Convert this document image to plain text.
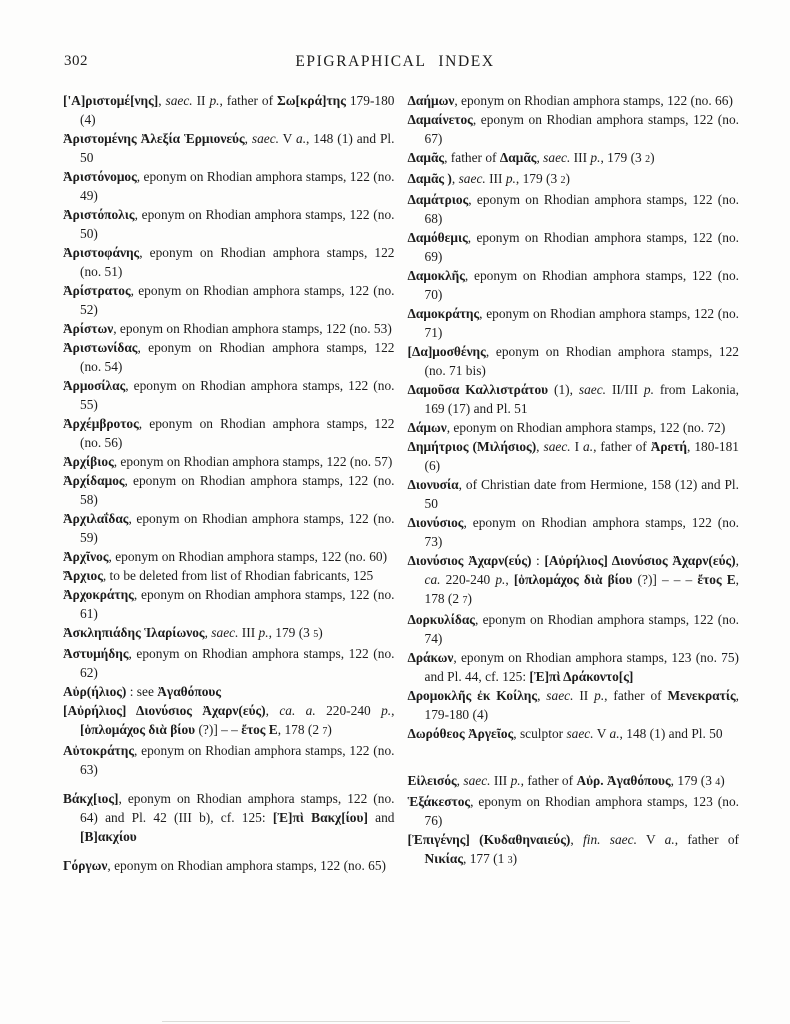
302	EPIGRAPHICAL INDEX
['Α]ριστομέ[νης], saec. II p., father of Σω[κρά]της 179-180 (4)
Ἀριστομένης Ἀλεξία Ἑρμιονεύς, saec. V a., 148 (1) and Pl. 50
Ἀριστόνομος, eponym on Rhodian amphora stamps, 122 (no. 49)
Ἀριστόπολις, eponym on Rhodian amphora stamps, 122 (no. 50)
Ἀριστοφάνης, eponym on Rhodian amphora stamps, 122 (no. 51)
Ἀρίστρατος, eponym on Rhodian amphora stamps, 122 (no. 52)
Ἀρίστων, eponym on Rhodian amphora stamps, 122 (no. 53)
Ἀριστωνίδας, eponym on Rhodian amphora stamps, 122 (no. 54)
Ἁρμοσίλας, eponym on Rhodian amphora stamps, 122 (no. 55)
Ἀρχέμβροτος, eponym on Rhodian amphora stamps, 122 (no. 56)
Ἀρχίβιος, eponym on Rhodian amphora stamps, 122 (no. 57)
Ἀρχίδαμος, eponym on Rhodian amphora stamps, 122 (no. 58)
Ἀρχιλαΐδας, eponym on Rhodian amphora stamps, 122 (no. 59)
Ἀρχῖνος, eponym on Rhodian amphora stamps, 122 (no. 60)
Ἄρχιος, to be deleted from list of Rhodian fabricants, 125
Ἀρχοκράτης, eponym on Rhodian amphora stamps, 122 (no. 61)
Ἀσκληπιάδης Ἱλαρίωνος, saec. III p., 179 (3 5)
Ἀστυμήδης, eponym on Rhodian amphora stamps, 122 (no. 62)
Αὐρ(ήλιος) : see Ἀγαθόπους
[Αὐρήλιος] Διονύσιος Ἀχαρν(εύς), ca. a. 220-240 p., [ὁπλομάχος διὰ βίου (?)] – – ἔτος Ε, 178 (2 7)
Αὐτοκράτης, eponym on Rhodian amphora stamps, 122 (no. 63)
Βάκχ[ιος], eponym on Rhodian amphora stamps, 122 (no. 64) and Pl. 42 (III b), cf. 125: [Ἐ]πὶ Βακχ[ίου] and [Β]ακχίου
Γόργων, eponym on Rhodian amphora stamps, 122 (no. 65)
Δαήμων, eponym on Rhodian amphora stamps, 122 (no. 66)
Δαμαίνετος, eponym on Rhodian amphora stamps, 122 (no. 67)
Δαμᾶς, father of Δαμᾶς, saec. III p., 179 (3 2)
Δαμᾶς ), saec. III p., 179 (3 2)
Δαμάτριος, eponym on Rhodian amphora stamps, 122 (no. 68)
Δαμόθεμις, eponym on Rhodian amphora stamps, 122 (no. 69)
Δαμοκλῆς, eponym on Rhodian amphora stamps, 122 (no. 70)
Δαμοκράτης, eponym on Rhodian amphora stamps, 122 (no. 71)
[Δα]μοσθένης, eponym on Rhodian amphora stamps, 122 (no. 71 bis)
Δαμοῦσα Καλλιστράτου (1), saec. II/III p. from Lakonia, 169 (17) and Pl. 51
Δάμων, eponym on Rhodian amphora stamps, 122 (no. 72)
Δημήτριος (Μιλήσιος), saec. I a., father of Ἀρετή, 180-181 (6)
Διονυσία, of Christian date from Hermione, 158 (12) and Pl. 50
Διονύσιος, eponym on Rhodian amphora stamps, 122 (no. 73)
Διονύσιος Ἀχαρν(εύς) : [Αὐρήλιος] Διονύσιος Ἀχαρν(εύς), ca. 220-240 p., [ὁπλομάχος διὰ βίου (?)] – – – ἔτος Ε, 178 (2 7)
Δορκυλίδας, eponym on Rhodian amphora stamps, 122 (no. 74)
Δράκων, eponym on Rhodian amphora stamps, 123 (no. 75) and Pl. 44, cf. 125: [Ἐ]πὶ Δράκοντο[ς]
Δρομοκλῆς ἐκ Κοίλης, saec. II p., father of Μενεκρατίς, 179-180 (4)
Δωρόθεος Ἀργεῖος, sculptor saec. V a., 148 (1) and Pl. 50
Εἰλεισός, saec. III p., father of Αὐρ. Ἀγαθόπους, 179 (3 4)
Ἑξάκεστος, eponym on Rhodian amphora stamps, 123 (no. 76)
[Ἐπιγένης] (Κυδαθηναιεύς), fin. saec. V a., father of Νικίας, 177 (1 3)
